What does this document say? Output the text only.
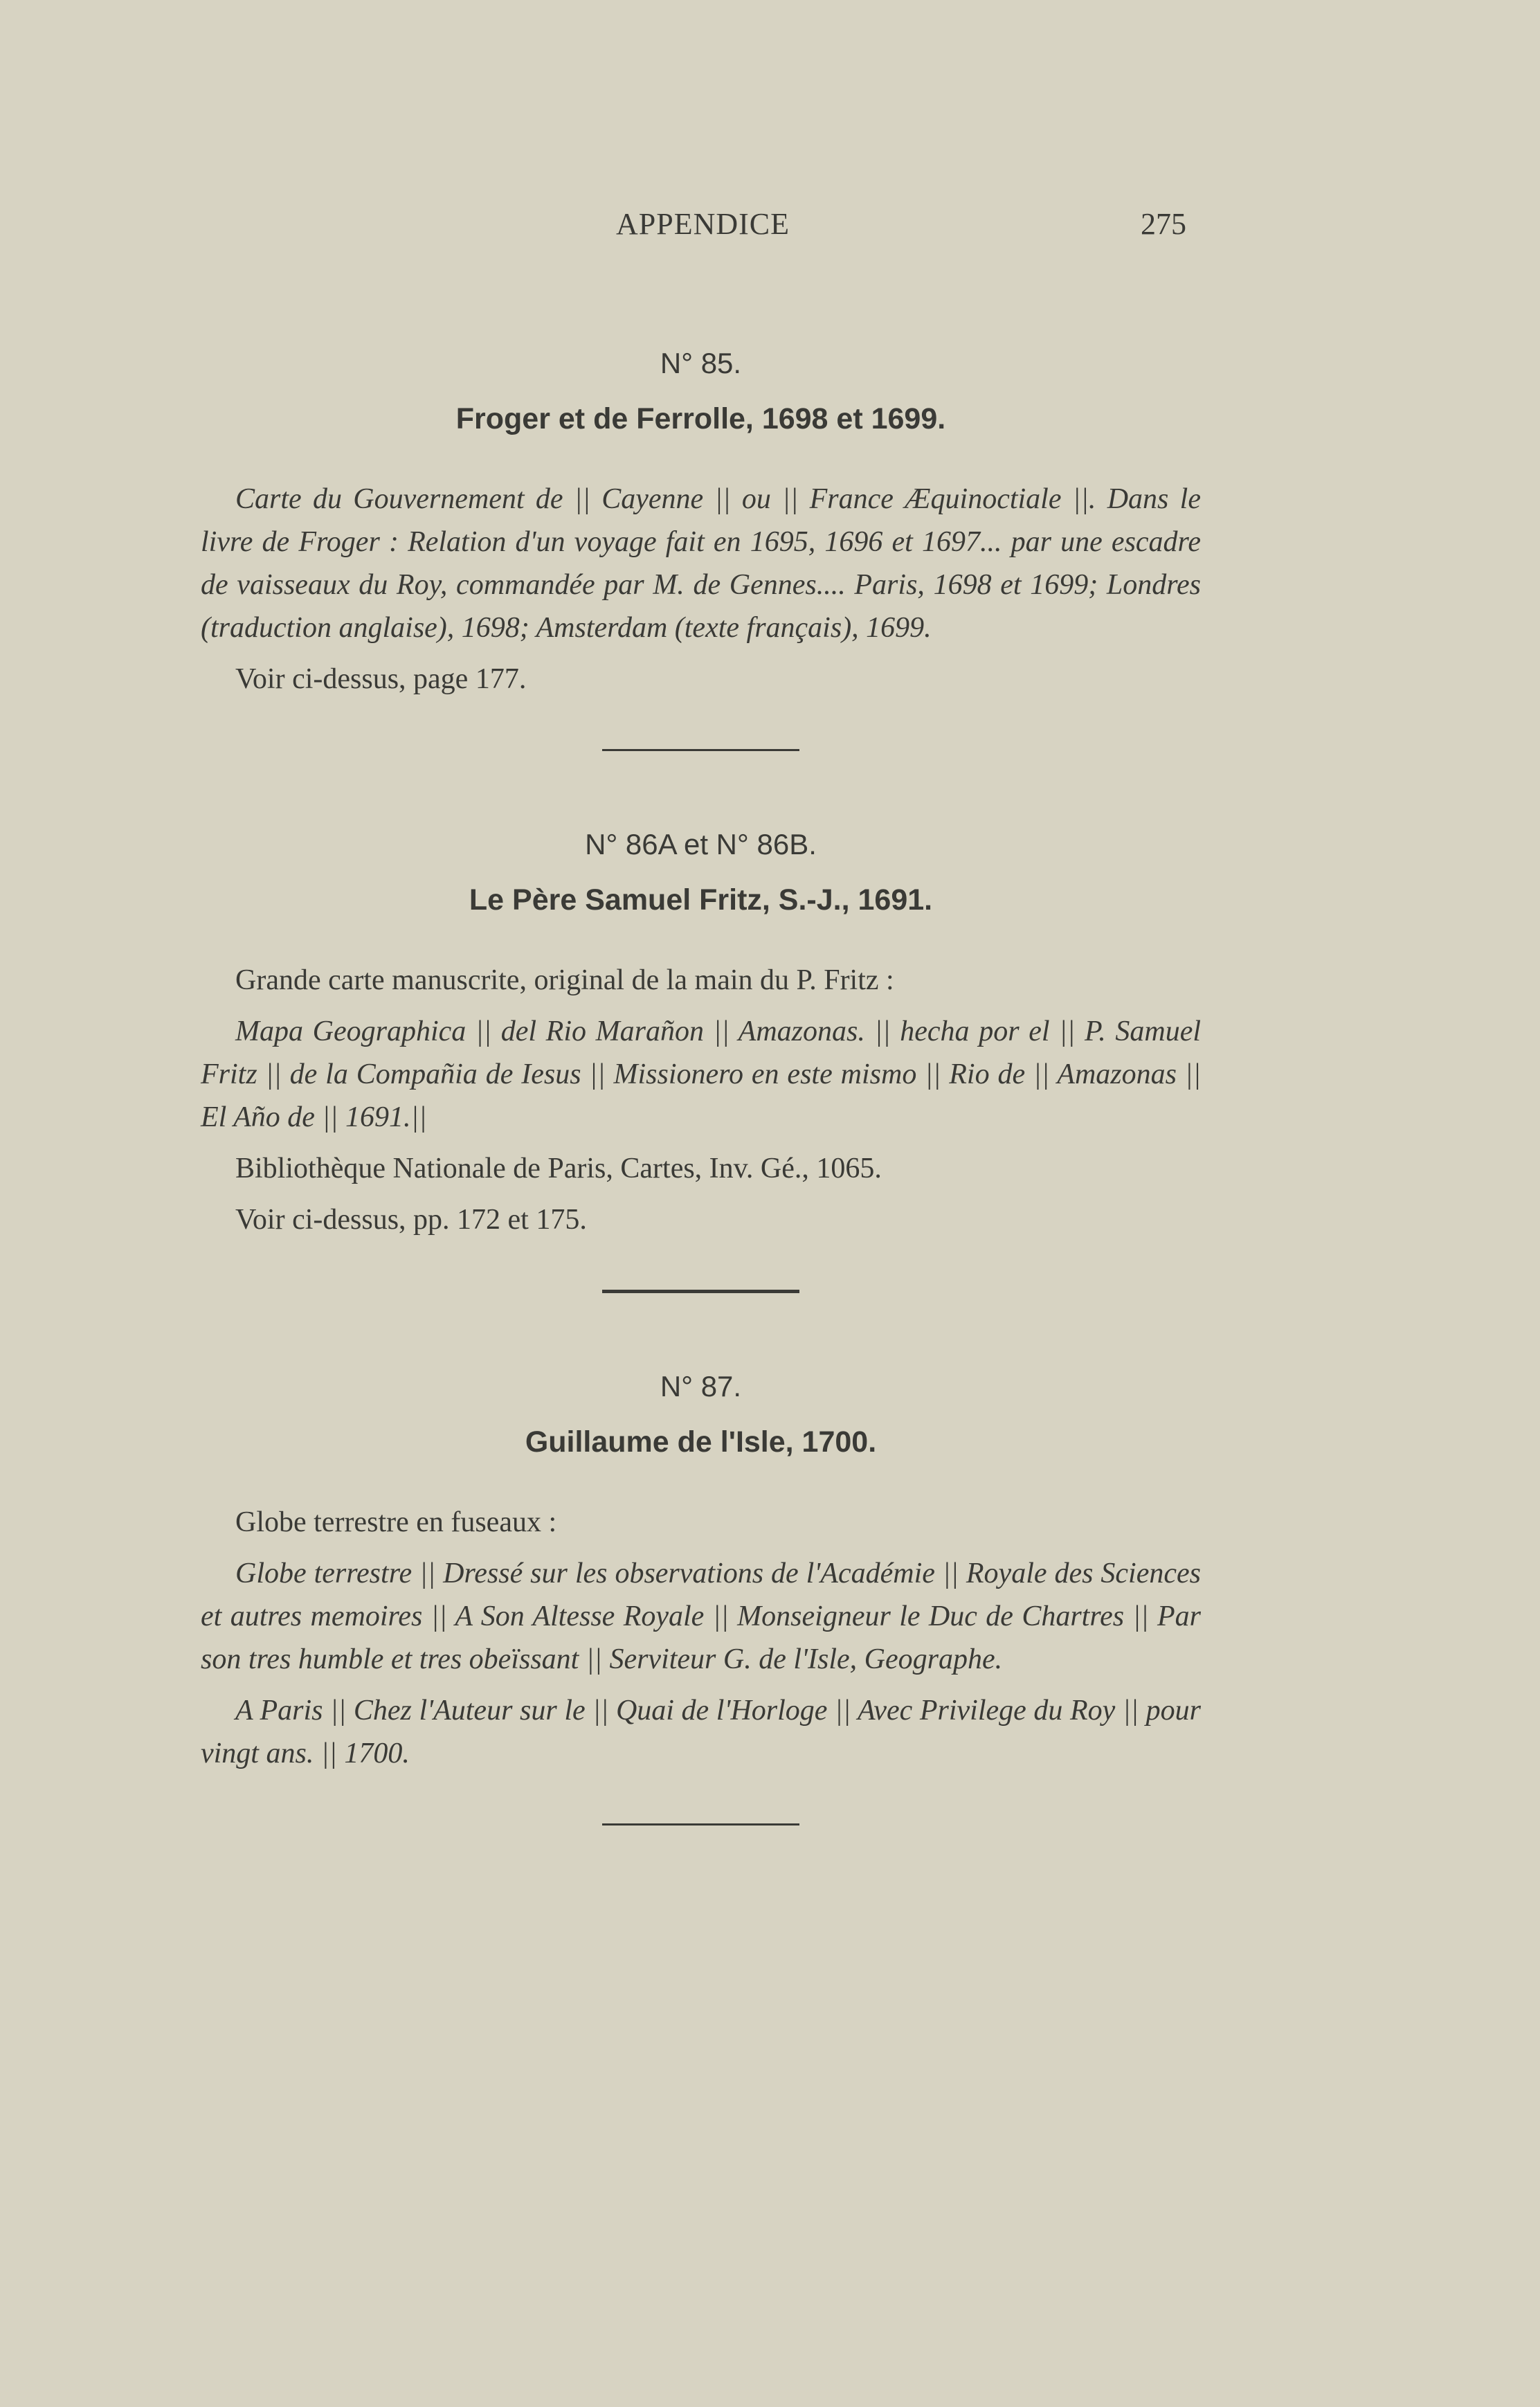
APPENDICE	275

N° 85.

Froger et de Ferrolle, 1698 et 1699.

Carte du Gouvernement de || Cayenne || ou || France Æquinoctiale ||. Dans le livre de Froger : Relation d'un voyage fait en 1695, 1696 et 1697... par une escadre de vaisseaux du Roy, commandée par M. de Gennes.... Paris, 1698 et 1699; Londres (traduction anglaise), 1698; Amsterdam (texte français), 1699.

Voir ci-dessus, page 177.

N° 86A et N° 86B.

Le Père Samuel Fritz, S.-J., 1691.

Grande carte manuscrite, original de la main du P. Fritz :

Mapa Geographica || del Rio Marañon || Amazonas. || hecha por el || P. Samuel Fritz || de la Compañia de Iesus || Missionero en este mismo || Rio de || Amazonas || El Año de || 1691.||

Bibliothèque Nationale de Paris, Cartes, Inv. Gé., 1065.

Voir ci-dessus, pp. 172 et 175.

N° 87.

Guillaume de l'Isle, 1700.

Globe terrestre en fuseaux :

Globe terrestre || Dressé sur les observations de l'Académie || Royale des Sciences et autres memoires || A Son Altesse Royale || Monseigneur le Duc de Chartres || Par son tres humble et tres obeïssant || Serviteur G. de l'Isle, Geographe.

A Paris || Chez l'Auteur sur le || Quai de l'Horloge || Avec Privilege du Roy || pour vingt ans. || 1700.
